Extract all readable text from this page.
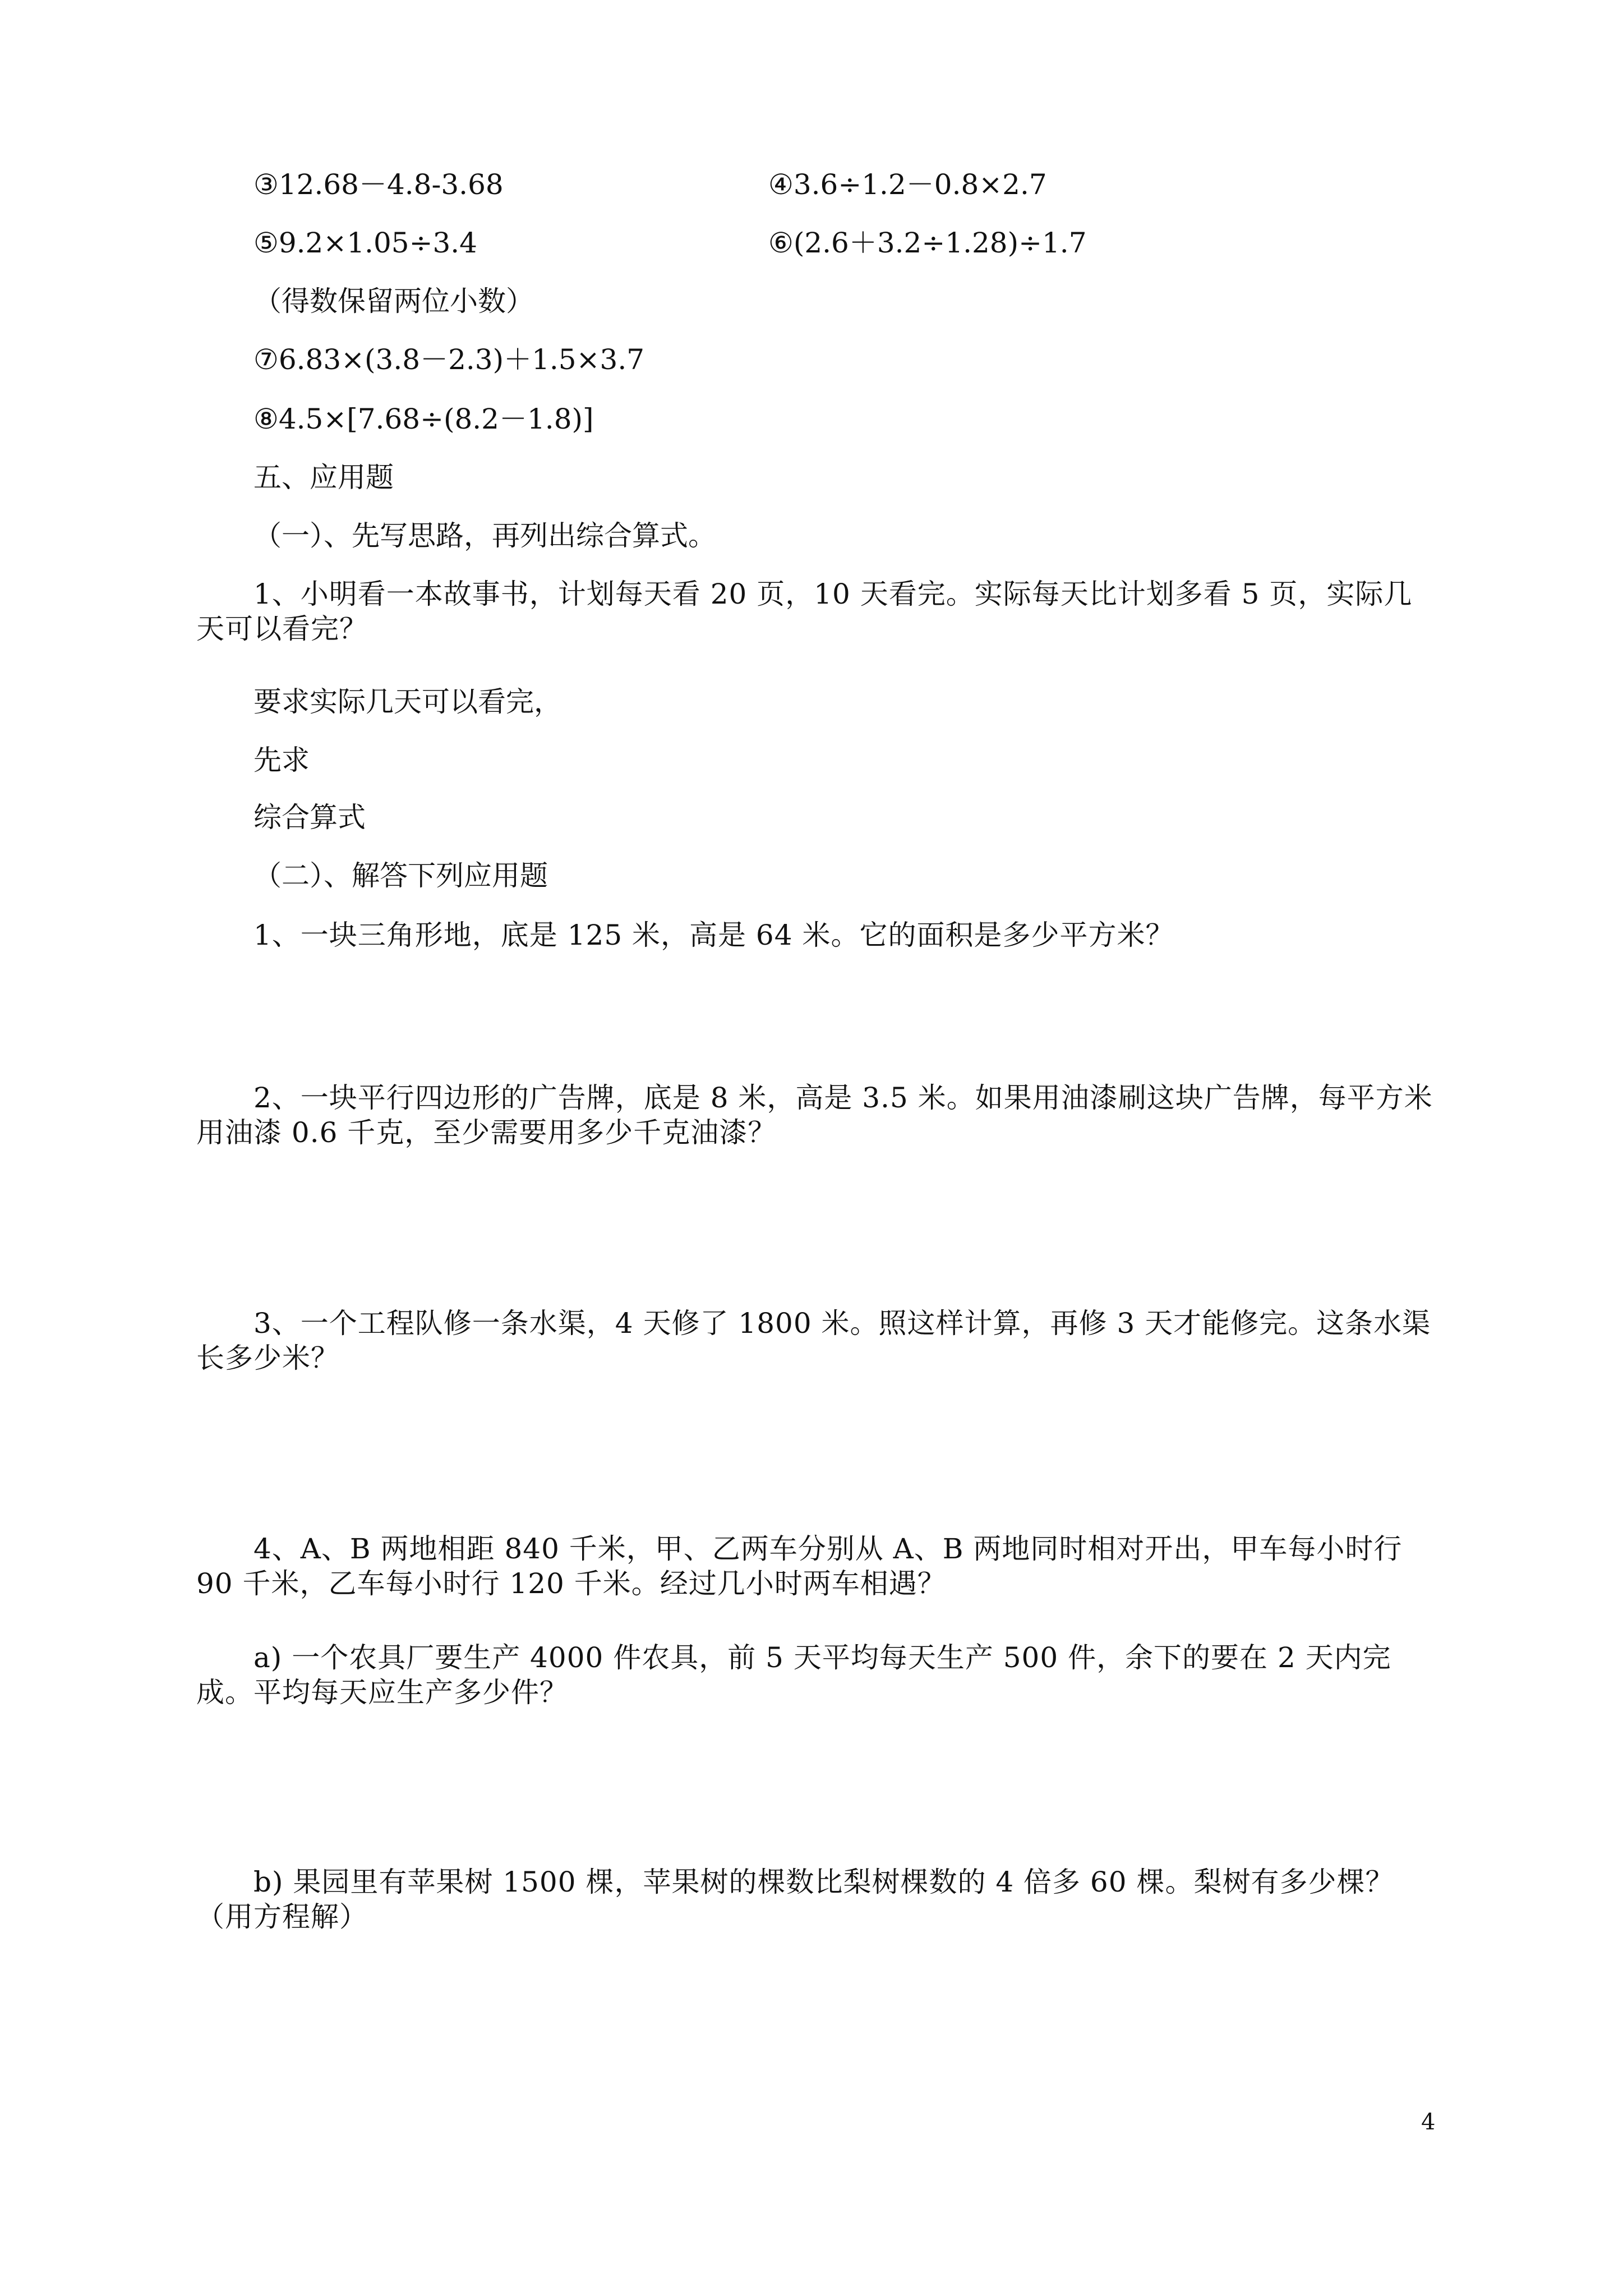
③12.68－4.8-3.68	④3.6÷1.2－0.8×2.7
⑤9.2×1.05÷3.4	⑥(2.6＋3.2÷1.28)÷1.7
（得数保留两位小数）
⑦6.83×(3.8－2.3)＋1.5×3.7
⑧4.5×[7.68÷(8.2－1.8)]
五、应用题
（一）、先写思路，再列出综合算式。
1、小明看一本故事书，计划每天看 20 页，10 天看完。实际每天比计划多看 5 页，实际几天可以看完？
要求实际几天可以看完，
先求
综合算式
（二）、解答下列应用题
1、一块三角形地，底是 125 米，高是 64 米。它的面积是多少平方米？
2、一块平行四边形的广告牌，底是 8 米，高是 3.5 米。如果用油漆刷这块广告牌，每平方米用油漆 0.6 千克，至少需要用多少千克油漆？
3、一个工程队修一条水渠，4 天修了 1800 米。照这样计算，再修 3 天才能修完。这条水渠长多少米？
4、A、B 两地相距 840 千米，甲、乙两车分别从 A、B 两地同时相对开出，甲车每小时行 90 千米，乙车每小时行 120 千米。经过几小时两车相遇？
a) 一个农具厂要生产 4000 件农具，前 5 天平均每天生产 500 件，余下的要在 2 天内完成。平均每天应生产多少件？
b) 果园里有苹果树 1500 棵，苹果树的棵数比梨树棵数的 4 倍多 60 棵。梨树有多少棵？（用方程解）
4
